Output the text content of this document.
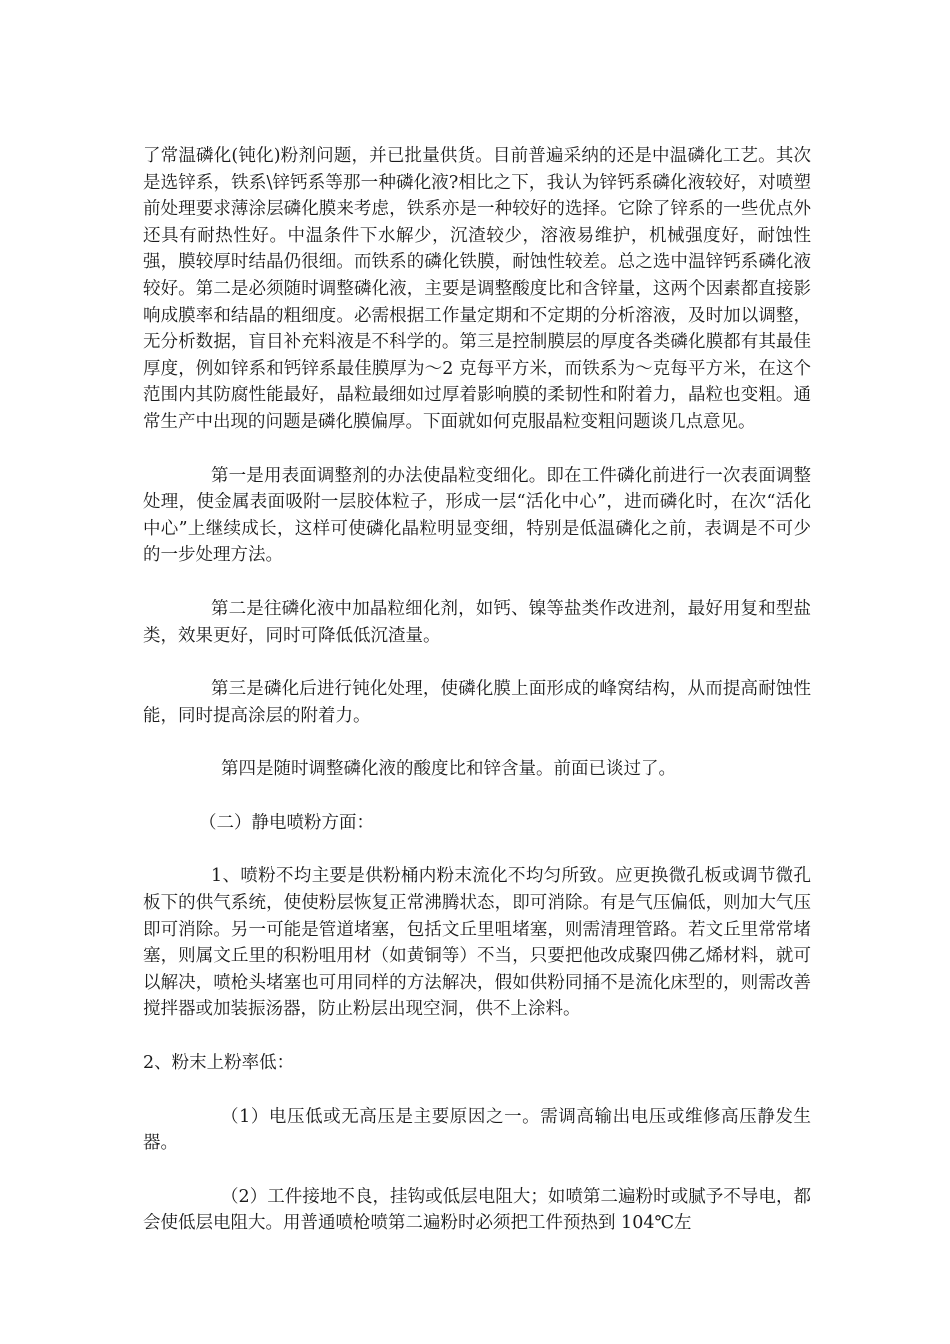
了常温磷化(钝化)粉剂问题，并已批量供货。目前普遍采纳的还是中温磷化工艺。其次是选锌系，铁系\锌钙系等那一种磷化液?相比之下，我认为锌钙系磷化液较好，对喷塑前处理要求薄涂层磷化膜来考虑，铁系亦是一种较好的选择。它除了锌系的一些优点外还具有耐热性好。中温条件下水解少，沉渣较少，溶液易维护，机械强度好，耐蚀性强，膜较厚时结晶仍很细。而铁系的磷化铁膜，耐蚀性较差。总之选中温锌钙系磷化液较好。第二是必须随时调整磷化液，主要是调整酸度比和含锌量，这两个因素都直接影响成膜率和结晶的粗细度。必需根据工作量定期和不定期的分析溶液，及时加以调整，无分析数据，盲目补充料液是不科学的。第三是控制膜层的厚度各类磷化膜都有其最佳厚度，例如锌系和钙锌系最佳膜厚为～2 克每平方米，而铁系为～克每平方米，在这个范围内其防腐性能最好，晶粒最细如过厚着影响膜的柔韧性和附着力，晶粒也变粗。通常生产中出现的问题是磷化膜偏厚。下面就如何克服晶粒变粗问题谈几点意见。

第一是用表面调整剂的办法使晶粒变细化。即在工件磷化前进行一次表面调整处理，使金属表面吸附一层胶体粒子，形成一层“活化中心”，进而磷化时，在次“活化中心”上继续成长，这样可使磷化晶粒明显变细，特别是低温磷化之前，表调是不可少的一步处理方法。

第二是往磷化液中加晶粒细化剂，如钙、镍等盐类作改进剂，最好用复和型盐类，效果更好，同时可降低低沉渣量。

第三是磷化后进行钝化处理，使磷化膜上面形成的峰窝结构，从而提高耐蚀性能，同时提高涂层的附着力。

第四是随时调整磷化液的酸度比和锌含量。前面已谈过了。

（二）静电喷粉方面：

1、喷粉不均主要是供粉桶内粉末流化不均匀所致。应更换微孔板或调节微孔板下的供气系统，使使粉层恢复正常沸腾状态，即可消除。有是气压偏低，则加大气压即可消除。另一可能是管道堵塞，包括文丘里咀堵塞，则需清理管路。若文丘里常常堵塞，则属文丘里的积粉咀用材（如黄铜等）不当，只要把他改成聚四佛乙烯材料，就可以解决，喷枪头堵塞也可用同样的方法解决，假如供粉同捅不是流化床型的，则需改善搅拌器或加装振汤器，防止粉层出现空洞，供不上涂料。

2、粉末上粉率低：

（1）电压低或无高压是主要原因之一。需调高输出电压或维修高压静发生器。

（2）工件接地不良，挂钩或低层电阻大；如喷第二遍粉时或腻予不导电，都会使低层电阻大。用普通喷枪喷第二遍粉时必须把工件预热到 104℃左
